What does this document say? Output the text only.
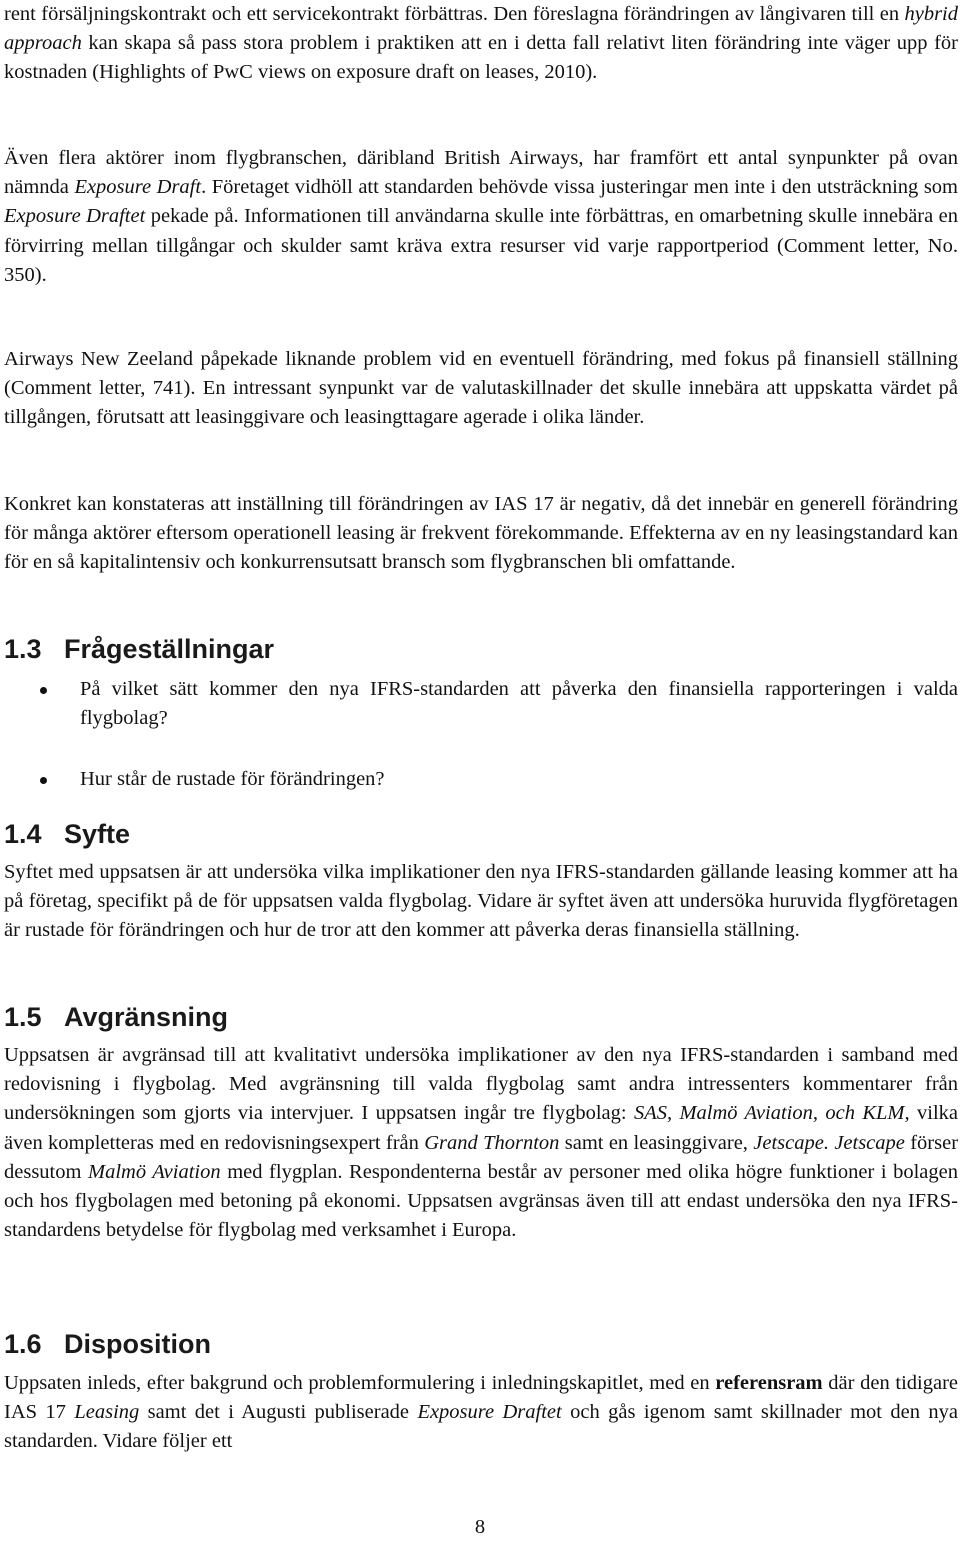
rent försäljningskontrakt och ett servicekontrakt förbättras. Den föreslagna förändringen av långivaren till en hybrid approach kan skapa så pass stora problem i praktiken att en i detta fall relativt liten förändring inte väger upp för kostnaden (Highlights of PwC views on exposure draft on leases, 2010).

Även flera aktörer inom flygbranschen, däribland British Airways, har framfört ett antal synpunkter på ovan nämnda Exposure Draft. Företaget vidhöll att standarden behövde vissa justeringar men inte i den utsträckning som Exposure Draftet pekade på. Informationen till användarna skulle inte förbättras, en omarbetning skulle innebära en förvirring mellan tillgångar och skulder samt kräva extra resurser vid varje rapportperiod (Comment letter, No. 350).

Airways New Zeeland påpekade liknande problem vid en eventuell förändring, med fokus på finansiell ställning (Comment letter, 741). En intressant synpunkt var de valutaskillnader det skulle innebära att uppskatta värdet på tillgången, förutsatt att leasinggivare och leasingttagare agerade i olika länder.

Konkret kan konstateras att inställning till förändringen av IAS 17 är negativ, då det innebär en generell förändring för många aktörer eftersom operationell leasing är frekvent förekommande. Effekterna av en ny leasingstandard kan för en så kapitalintensiv och konkurrensutsatt bransch som flygbranschen bli omfattande.

1.3 Frågeställningar
På vilket sätt kommer den nya IFRS-standarden att påverka den finansiella rapporteringen i valda flygbolag?
Hur står de rustade för förändringen?
1.4 Syfte

Syftet med uppsatsen är att undersöka vilka implikationer den nya IFRS-standarden gällande leasing kommer att ha på företag, specifikt på de för uppsatsen valda flygbolag. Vidare är syftet även att undersöka huruvida flygföretagen är rustade för förändringen och hur de tror att den kommer att påverka deras finansiella ställning.

1.5 Avgränsning

Uppsatsen är avgränsad till att kvalitativt undersöka implikationer av den nya IFRS-standarden i samband med redovisning i flygbolag. Med avgränsning till valda flygbolag samt andra intressenters kommentarer från undersökningen som gjorts via intervjuer. I uppsatsen ingår tre flygbolag: SAS, Malmö Aviation, och KLM, vilka även kompletteras med en redovisningsexpert från Grand Thornton samt en leasinggivare, Jetscape. Jetscape förser dessutom Malmö Aviation med flygplan. Respondenterna består av personer med olika högre funktioner i bolagen och hos flygbolagen med betoning på ekonomi. Uppsatsen avgränsas även till att endast undersöka den nya IFRS-standardens betydelse för flygbolag med verksamhet i Europa.

1.6 Disposition

Uppsaten inleds, efter bakgrund och problemformulering i inledningskapitlet, med en referensram där den tidigare IAS 17 Leasing samt det i Augusti publiserade Exposure Draftet och gås igenom samt skillnader mot den nya standarden. Vidare följer ett

8
